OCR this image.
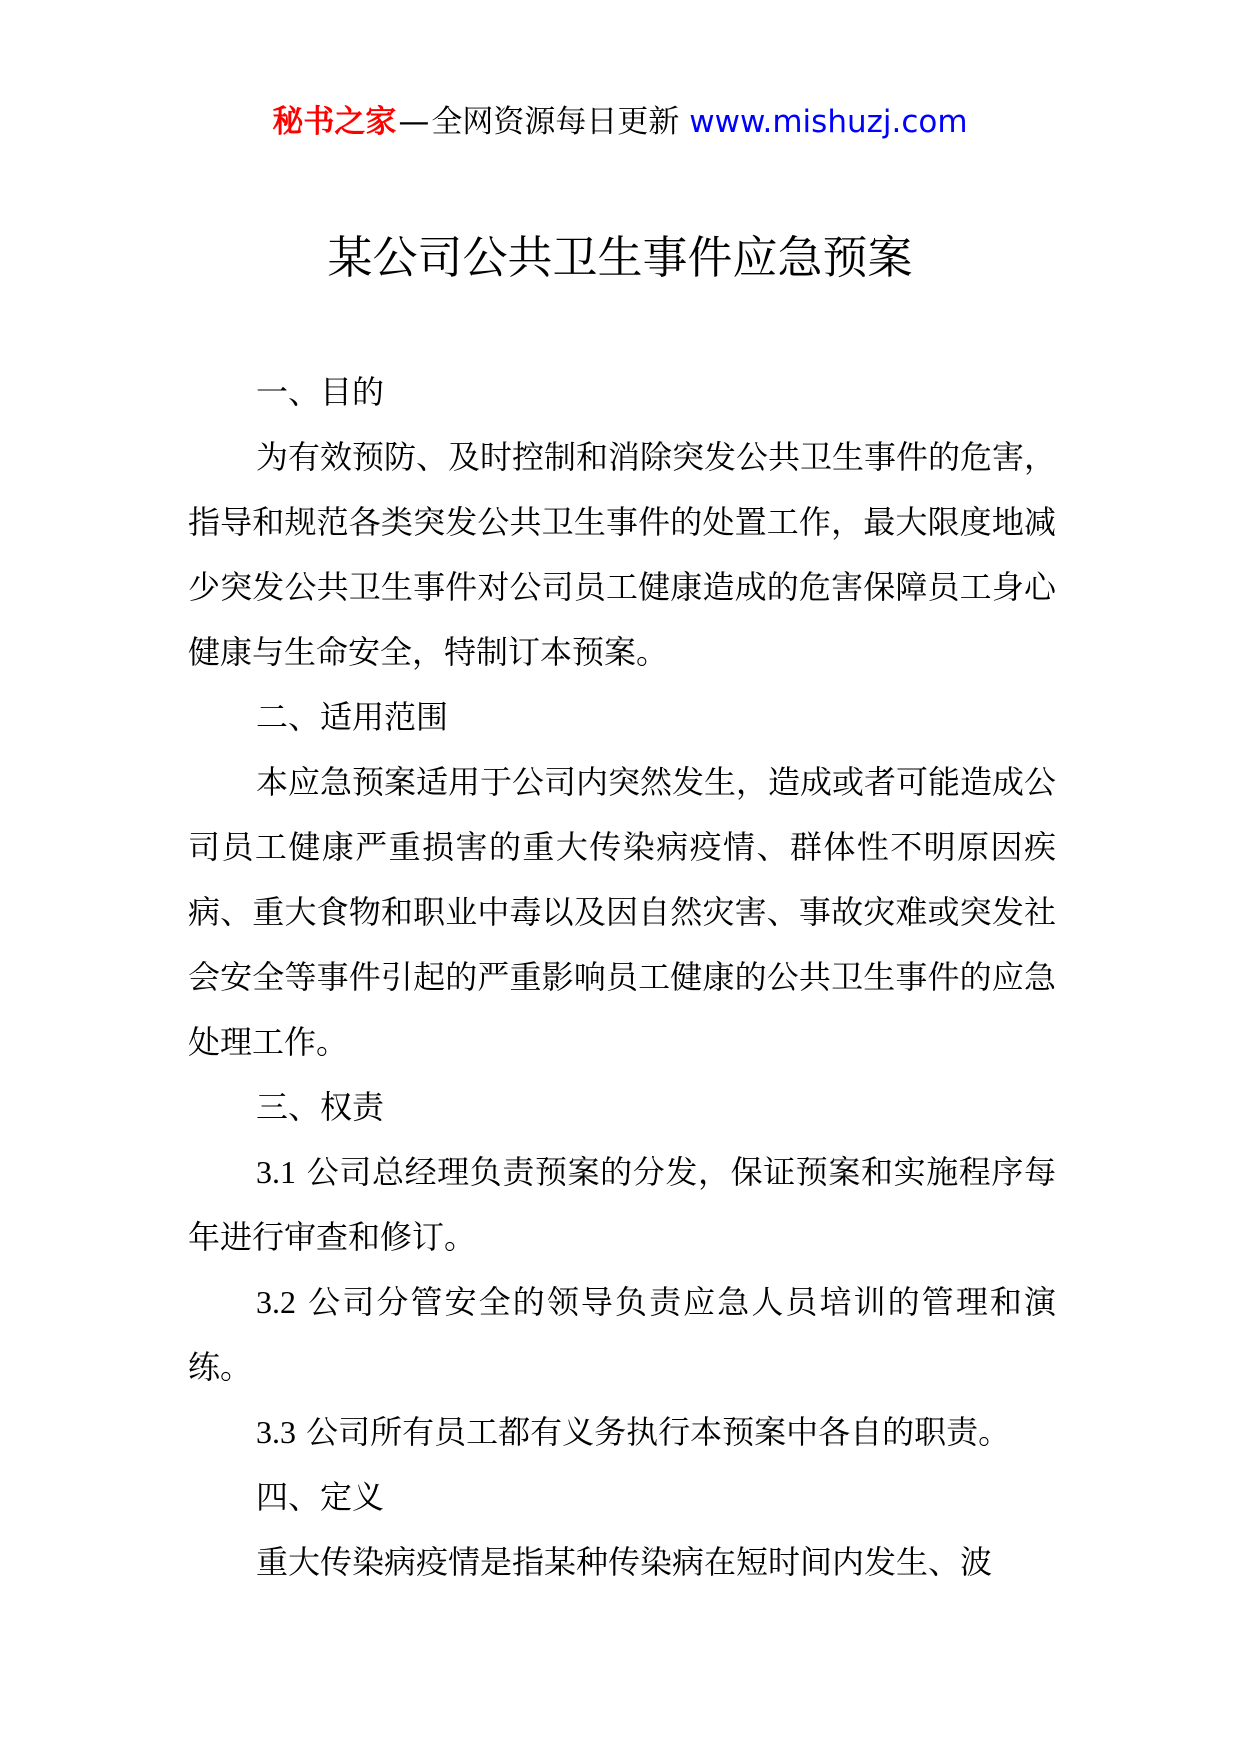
秘书之家—全网资源每日更新 www.mishuzj.com
某公司公共卫生事件应急预案

一、目的

为有效预防、及时控制和消除突发公共卫生事件的危害，指导和规范各类突发公共卫生事件的处置工作，最大限度地减少突发公共卫生事件对公司员工健康造成的危害保障员工身心健康与生命安全，特制订本预案。

二、适用范围

本应急预案适用于公司内突然发生，造成或者可能造成公司员工健康严重损害的重大传染病疫情、群体性不明原因疾病、重大食物和职业中毒以及因自然灾害、事故灾难或突发社会安全等事件引起的严重影响员工健康的公共卫生事件的应急处理工作。

三、权责

3.1 公司总经理负责预案的分发，保证预案和实施程序每年进行审查和修订。

3.2 公司分管安全的领导负责应急人员培训的管理和演练。

3.3 公司所有员工都有义务执行本预案中各自的职责。

四、定义

重大传染病疫情是指某种传染病在短时间内发生、波
